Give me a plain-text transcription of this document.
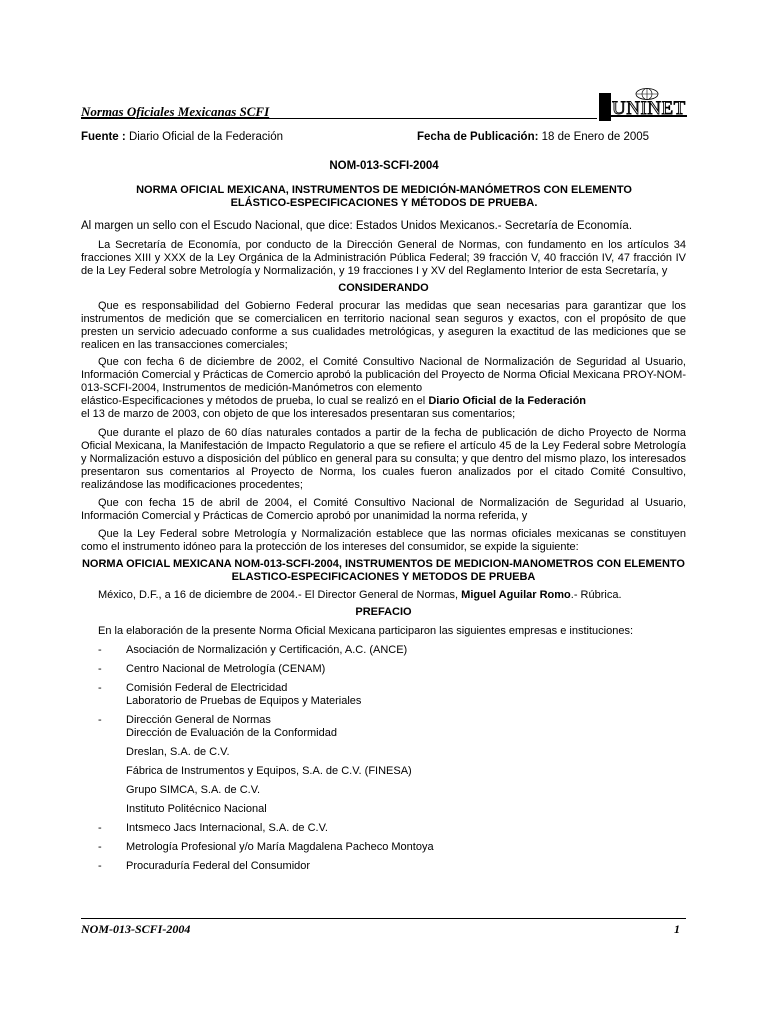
Normas Oficiales Mexicanas SCFI	UNINET
Fuente : Diario Oficial de la Federación	Fecha de Publicación: 18 de Enero de 2005
NOM-013-SCFI-2004
NORMA OFICIAL MEXICANA, INSTRUMENTOS DE MEDICIÓN-MANÓMETROS CON ELEMENTO
ELÁSTICO-ESPECIFICACIONES Y MÉTODOS DE PRUEBA.

Al margen un sello con el Escudo Nacional, que dice: Estados Unidos Mexicanos.- Secretaría de Economía.

La Secretaría de Economía, por conducto de la Dirección General de Normas, con fundamento en los artículos 34 fracciones XIII y XXX de la Ley Orgánica de la Administración Pública Federal; 39 fracción V, 40 fracción IV, 47 fracción IV de la Ley Federal sobre Metrología y Normalización, y 19 fracciones I y XV del Reglamento Interior de esta Secretaría, y

CONSIDERANDO

Que es responsabilidad del Gobierno Federal procurar las medidas que sean necesarias para garantizar que los instrumentos de medición que se comercialicen en territorio nacional sean seguros y exactos, con el propósito de que presten un servicio adecuado conforme a sus cualidades metrológicas, y aseguren la exactitud de las mediciones que se realicen en las transacciones comerciales;

Que con fecha 6 de diciembre de 2002, el Comité Consultivo Nacional de Normalización de Seguridad al Usuario, Información Comercial y Prácticas de Comercio aprobó la publicación del Proyecto de Norma Oficial Mexicana PROY-NOM-013-SCFI-2004, Instrumentos de medición-Manómetros con elemento
elástico-Especificaciones y métodos de prueba, lo cual se realizó en el Diario Oficial de la Federación
el 13 de marzo de 2003, con objeto de que los interesados presentaran sus comentarios;

Que durante el plazo de 60 días naturales contados a partir de la fecha de publicación de dicho Proyecto de Norma Oficial Mexicana, la Manifestación de Impacto Regulatorio a que se refiere el artículo 45 de la Ley Federal sobre Metrología y Normalización estuvo a disposición del público en general para su consulta; y que dentro del mismo plazo, los interesados presentaron sus comentarios al Proyecto de Norma, los cuales fueron analizados por el citado Comité Consultivo, realizándose las modificaciones procedentes;

Que con fecha 15 de abril de 2004, el Comité Consultivo Nacional de Normalización de Seguridad al Usuario, Información Comercial y Prácticas de Comercio aprobó por unanimidad la norma referida, y

Que la Ley Federal sobre Metrología y Normalización establece que las normas oficiales mexicanas se constituyen como el instrumento idóneo para la protección de los intereses del consumidor, se expide la siguiente:

NORMA OFICIAL MEXICANA NOM-013-SCFI-2004, INSTRUMENTOS DE MEDICION-MANOMETROS CON ELEMENTO
ELASTICO-ESPECIFICACIONES Y METODOS DE PRUEBA

México, D.F., a 16 de diciembre de 2004.- El Director General de Normas, Miguel Aguilar Romo.- Rúbrica.

PREFACIO

En la elaboración de la presente Norma Oficial Mexicana participaron las siguientes empresas e instituciones:

- Asociación de Normalización y Certificación, A.C. (ANCE)
- Centro Nacional de Metrología (CENAM)
- Comisión Federal de Electricidad
Laboratorio de Pruebas de Equipos y Materiales
- Dirección General de Normas
Dirección de Evaluación de la Conformidad
Dreslan, S.A. de C.V.
Fábrica de Instrumentos y Equipos, S.A. de C.V. (FINESA)
Grupo SIMCA, S.A. de C.V.
Instituto Politécnico Nacional
- Intsmeco Jacs Internacional, S.A. de C.V.
- Metrología Profesional y/o María Magdalena Pacheco Montoya
- Procuraduría Federal del Consumidor
NOM-013-SCFI-2004	1
